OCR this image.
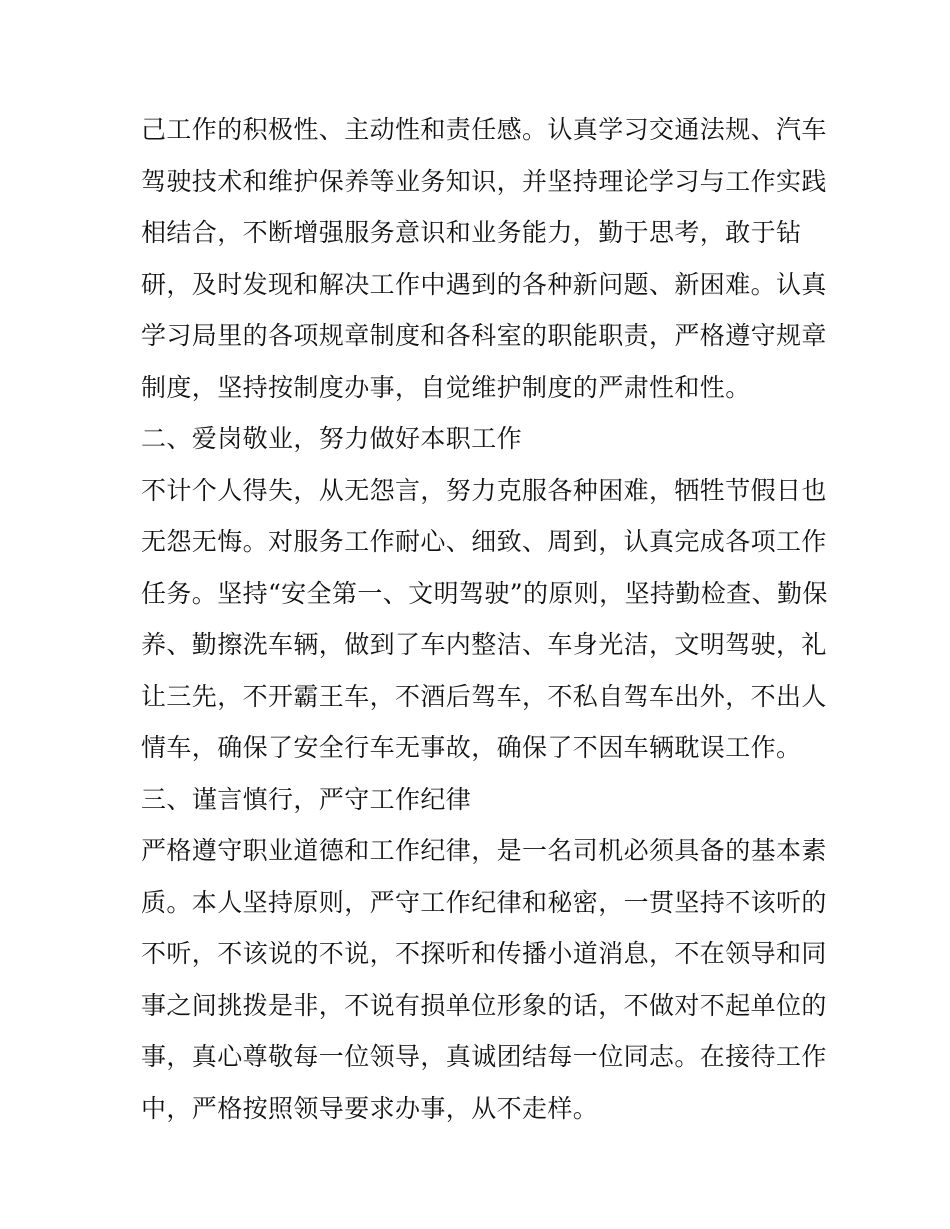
己工作的积极性、主动性和责任感。认真学习交通法规、汽车
驾驶技术和维护保养等业务知识，并坚持理论学习与工作实践
相结合，不断增强服务意识和业务能力，勤于思考，敢于钻
研，及时发现和解决工作中遇到的各种新问题、新困难。认真
学习局里的各项规章制度和各科室的职能职责，严格遵守规章
制度，坚持按制度办事，自觉维护制度的严肃性和性。
二、爱岗敬业，努力做好本职工作
不计个人得失，从无怨言，努力克服各种困难，牺牲节假日也
无怨无悔。对服务工作耐心、细致、周到，认真完成各项工作
任务。坚持“安全第一、文明驾驶”的原则，坚持勤检查、勤保
养、勤擦洗车辆，做到了车内整洁、车身光洁，文明驾驶，礼
让三先，不开霸王车，不酒后驾车，不私自驾车出外，不出人
情车，确保了安全行车无事故，确保了不因车辆耽误工作。
三、谨言慎行，严守工作纪律
严格遵守职业道德和工作纪律，是一名司机必须具备的基本素
质。本人坚持原则，严守工作纪律和秘密，一贯坚持不该听的
不听，不该说的不说，不探听和传播小道消息，不在领导和同
事之间挑拨是非，不说有损单位形象的话，不做对不起单位的
事，真心尊敬每一位领导，真诚团结每一位同志。在接待工作
中，严格按照领导要求办事，从不走样。
